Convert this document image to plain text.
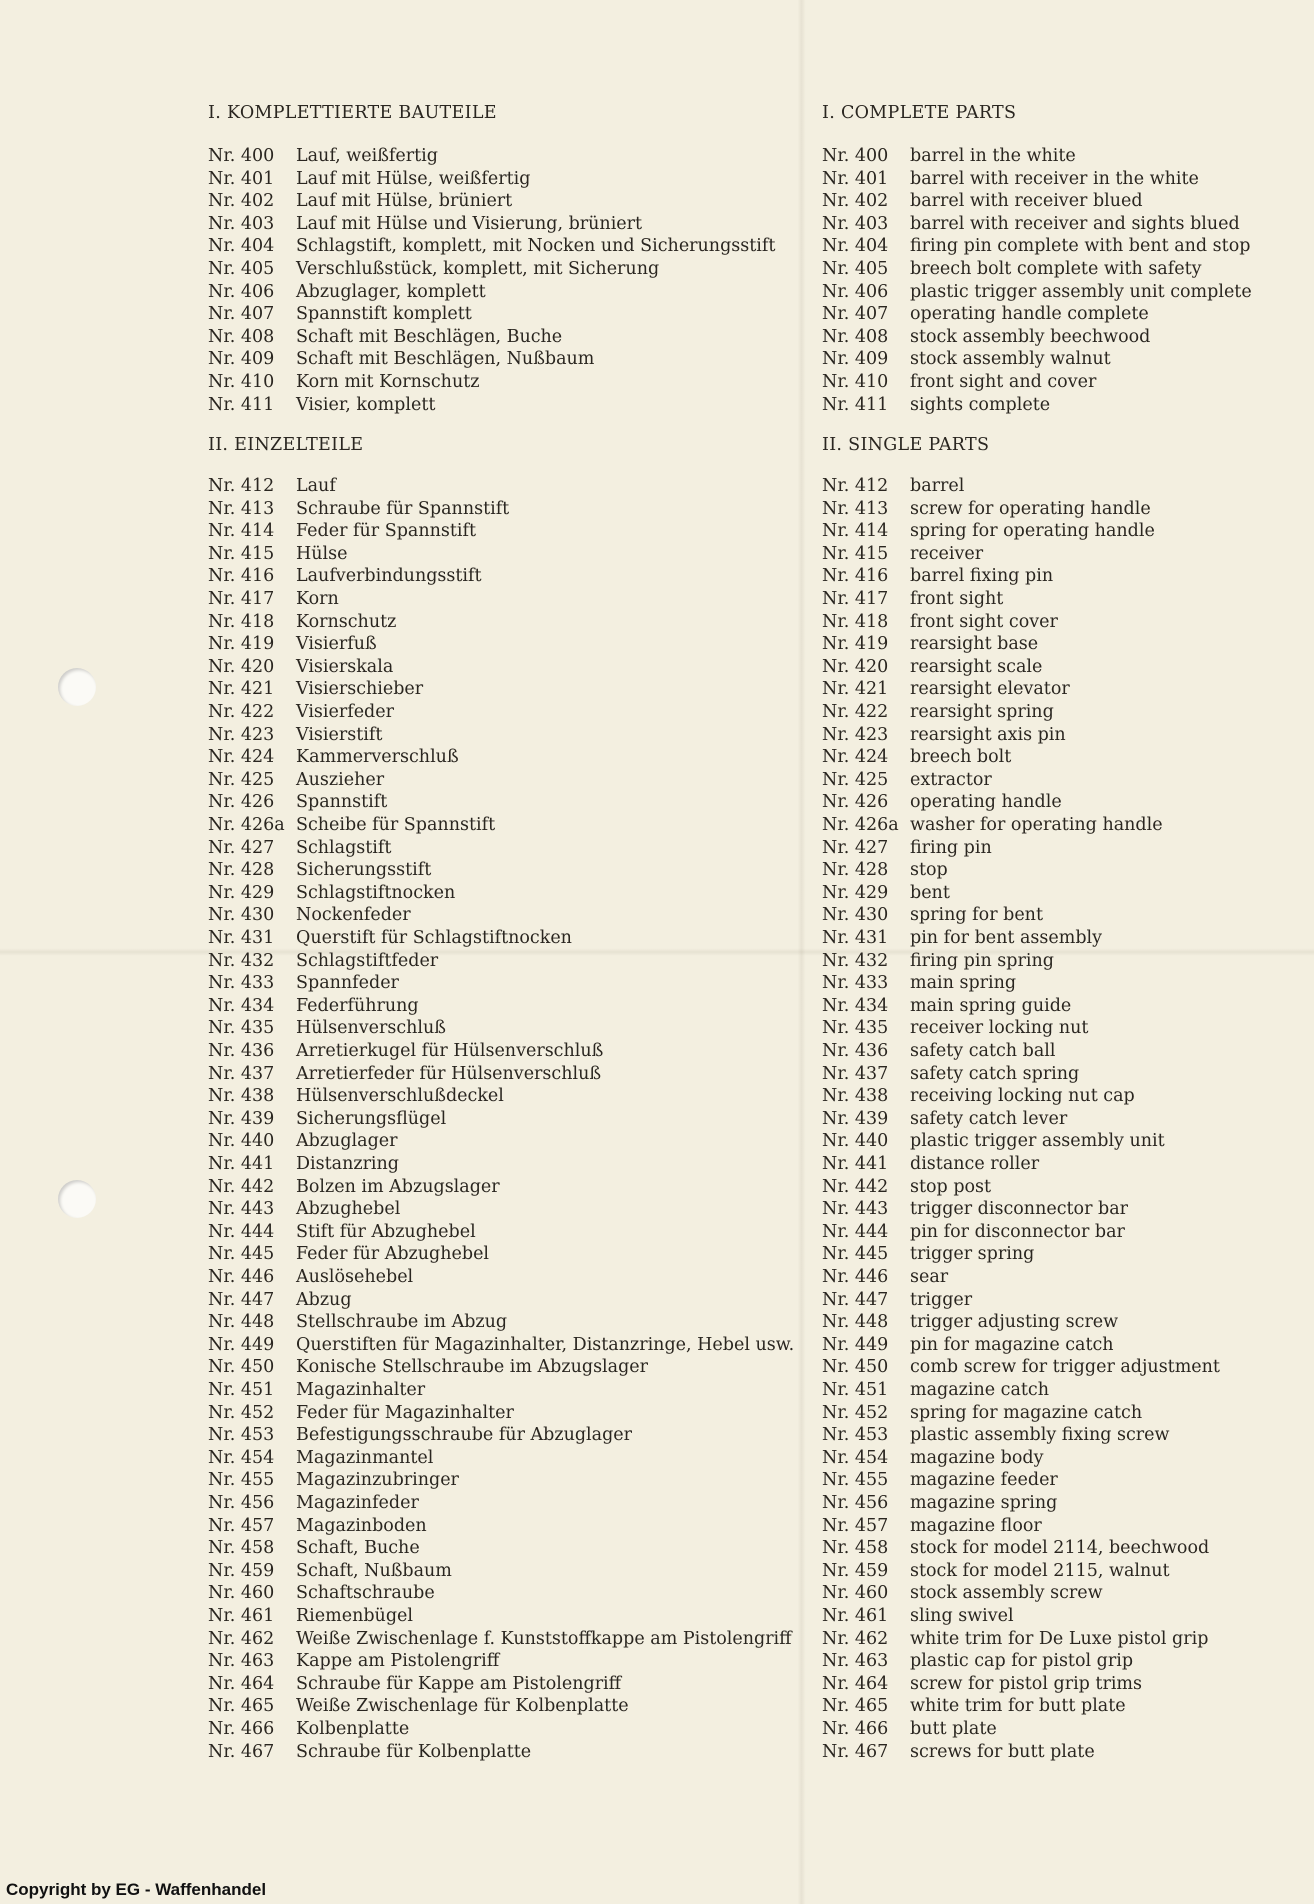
I. KOMPLETTIERTE BAUTEILE
Nr. 400 Lauf, weißfertig
Nr. 401 Lauf mit Hülse, weißfertig
Nr. 402 Lauf mit Hülse, brüniert
Nr. 403 Lauf mit Hülse und Visierung, brüniert
Nr. 404 Schlagstift, komplett, mit Nocken und Sicherungsstift
Nr. 405 Verschlußstück, komplett, mit Sicherung
Nr. 406 Abzuglager, komplett
Nr. 407 Spannstift komplett
Nr. 408 Schaft mit Beschlägen, Buche
Nr. 409 Schaft mit Beschlägen, Nußbaum
Nr. 410 Korn mit Kornschutz
Nr. 411 Visier, komplett
II. EINZELTEILE
Nr. 412 Lauf
Nr. 413 Schraube für Spannstift
Nr. 414 Feder für Spannstift
Nr. 415 Hülse
Nr. 416 Laufverbindungsstift
Nr. 417 Korn
Nr. 418 Kornschutz
Nr. 419 Visierfuß
Nr. 420 Visierskala
Nr. 421 Visierschieber
Nr. 422 Visierfeder
Nr. 423 Visierstift
Nr. 424 Kammerverschluß
Nr. 425 Auszieher
Nr. 426 Spannstift
Nr. 426a Scheibe für Spannstift
Nr. 427 Schlagstift
Nr. 428 Sicherungsstift
Nr. 429 Schlagstiftnocken
Nr. 430 Nockenfeder
Nr. 431 Querstift für Schlagstiftnocken
Nr. 432 Schlagstiftfeder
Nr. 433 Spannfeder
Nr. 434 Federführung
Nr. 435 Hülsenverschluß
Nr. 436 Arretierkugel für Hülsenverschluß
Nr. 437 Arretierfeder für Hülsenverschluß
Nr. 438 Hülsenverschlußdeckel
Nr. 439 Sicherungsflügel
Nr. 440 Abzuglager
Nr. 441 Distanzring
Nr. 442 Bolzen im Abzugslager
Nr. 443 Abzughebel
Nr. 444 Stift für Abzughebel
Nr. 445 Feder für Abzughebel
Nr. 446 Auslösehebel
Nr. 447 Abzug
Nr. 448 Stellschraube im Abzug
Nr. 449 Querstiften für Magazinhalter, Distanzringe, Hebel usw.
Nr. 450 Konische Stellschraube im Abzugslager
Nr. 451 Magazinhalter
Nr. 452 Feder für Magazinhalter
Nr. 453 Befestigungsschraube für Abzuglager
Nr. 454 Magazinmantel
Nr. 455 Magazinzubringer
Nr. 456 Magazinfeder
Nr. 457 Magazinboden
Nr. 458 Schaft, Buche
Nr. 459 Schaft, Nußbaum
Nr. 460 Schaftschraube
Nr. 461 Riemenbügel
Nr. 462 Weiße Zwischenlage f. Kunststoffkappe am Pistolengriff
Nr. 463 Kappe am Pistolengriff
Nr. 464 Schraube für Kappe am Pistolengriff
Nr. 465 Weiße Zwischenlage für Kolbenplatte
Nr. 466 Kolbenplatte
Nr. 467 Schraube für Kolbenplatte
I. COMPLETE PARTS
Nr. 400 barrel in the white
Nr. 401 barrel with receiver in the white
Nr. 402 barrel with receiver blued
Nr. 403 barrel with receiver and sights blued
Nr. 404 firing pin complete with bent and stop
Nr. 405 breech bolt complete with safety
Nr. 406 plastic trigger assembly unit complete
Nr. 407 operating handle complete
Nr. 408 stock assembly beechwood
Nr. 409 stock assembly walnut
Nr. 410 front sight and cover
Nr. 411 sights complete
II. SINGLE PARTS
Nr. 412 barrel
Nr. 413 screw for operating handle
Nr. 414 spring for operating handle
Nr. 415 receiver
Nr. 416 barrel fixing pin
Nr. 417 front sight
Nr. 418 front sight cover
Nr. 419 rearsight base
Nr. 420 rearsight scale
Nr. 421 rearsight elevator
Nr. 422 rearsight spring
Nr. 423 rearsight axis pin
Nr. 424 breech bolt
Nr. 425 extractor
Nr. 426 operating handle
Nr. 426a washer for operating handle
Nr. 427 firing pin
Nr. 428 stop
Nr. 429 bent
Nr. 430 spring for bent
Nr. 431 pin for bent assembly
Nr. 432 firing pin spring
Nr. 433 main spring
Nr. 434 main spring guide
Nr. 435 receiver locking nut
Nr. 436 safety catch ball
Nr. 437 safety catch spring
Nr. 438 receiving locking nut cap
Nr. 439 safety catch lever
Nr. 440 plastic trigger assembly unit
Nr. 441 distance roller
Nr. 442 stop post
Nr. 443 trigger disconnector bar
Nr. 444 pin for disconnector bar
Nr. 445 trigger spring
Nr. 446 sear
Nr. 447 trigger
Nr. 448 trigger adjusting screw
Nr. 449 pin for magazine catch
Nr. 450 comb screw for trigger adjustment
Nr. 451 magazine catch
Nr. 452 spring for magazine catch
Nr. 453 plastic assembly fixing screw
Nr. 454 magazine body
Nr. 455 magazine feeder
Nr. 456 magazine spring
Nr. 457 magazine floor
Nr. 458 stock for model 2114, beechwood
Nr. 459 stock for model 2115, walnut
Nr. 460 stock assembly screw
Nr. 461 sling swivel
Nr. 462 white trim for De Luxe pistol grip
Nr. 463 plastic cap for pistol grip
Nr. 464 screw for pistol grip trims
Nr. 465 white trim for butt plate
Nr. 466 butt plate
Nr. 467 screws for butt plate
Copyright by EG - Waffenhandel
